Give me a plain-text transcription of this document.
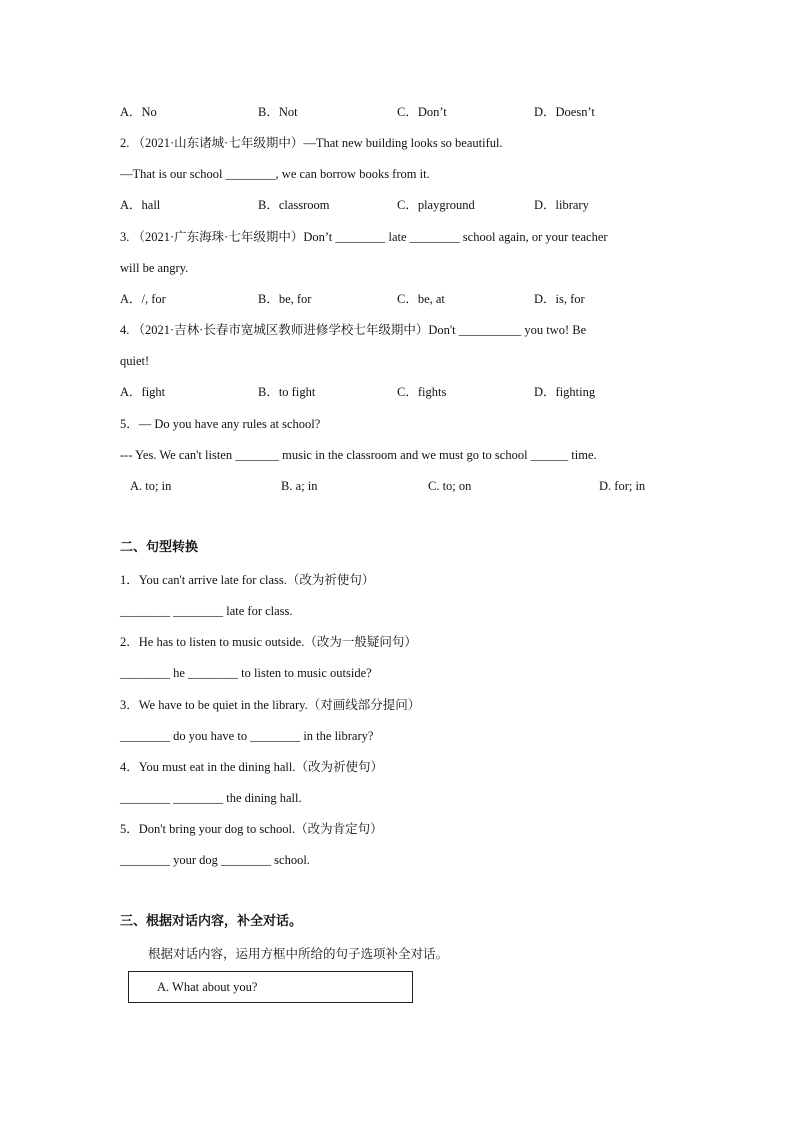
A．No	B．Not	C．Don’t	D．Doesn’t
2. （2021·山东诸城·七年级期中）—That new building looks so beautiful.
—That is our school ________, we can borrow books from it.
A．hall	B．classroom	C．playground	D．library
3. （2021·广东海珠·七年级期中）Don’t ________ late ________ school again, or your teacher
will be angry.
A．/, for	B．be, for	C．be, at	D．is, for
4. （2021·吉林·长春市宽城区教师进修学校七年级期中）Don't __________ you two! Be
quiet!
A．fight	B．to fight	C．fights	D．fighting
5．— Do you have any rules at school?
--- Yes. We can't listen _______ music in the classroom and we must go to school ______ time.
A. to; in	B. a; in	C. to; on	D. for; in
二、句型转换
1．You can't arrive late for class.（改为祈使句）
________ ________ late for class.
2．He has to listen to music outside.（改为一般疑问句）
________ he ________ to listen to music outside?
3．We have to be quiet in the library.（对画线部分提问）
________ do you have to ________ in the library?
4．You must eat in the dining hall.（改为祈使句）
________ ________ the dining hall.
5．Don't bring your dog to school.（改为肯定句）
________ your dog ________ school.
三、根据对话内容，补全对话。
根据对话内容，运用方框中所给的句子选项补全对话。
A. What about you?
